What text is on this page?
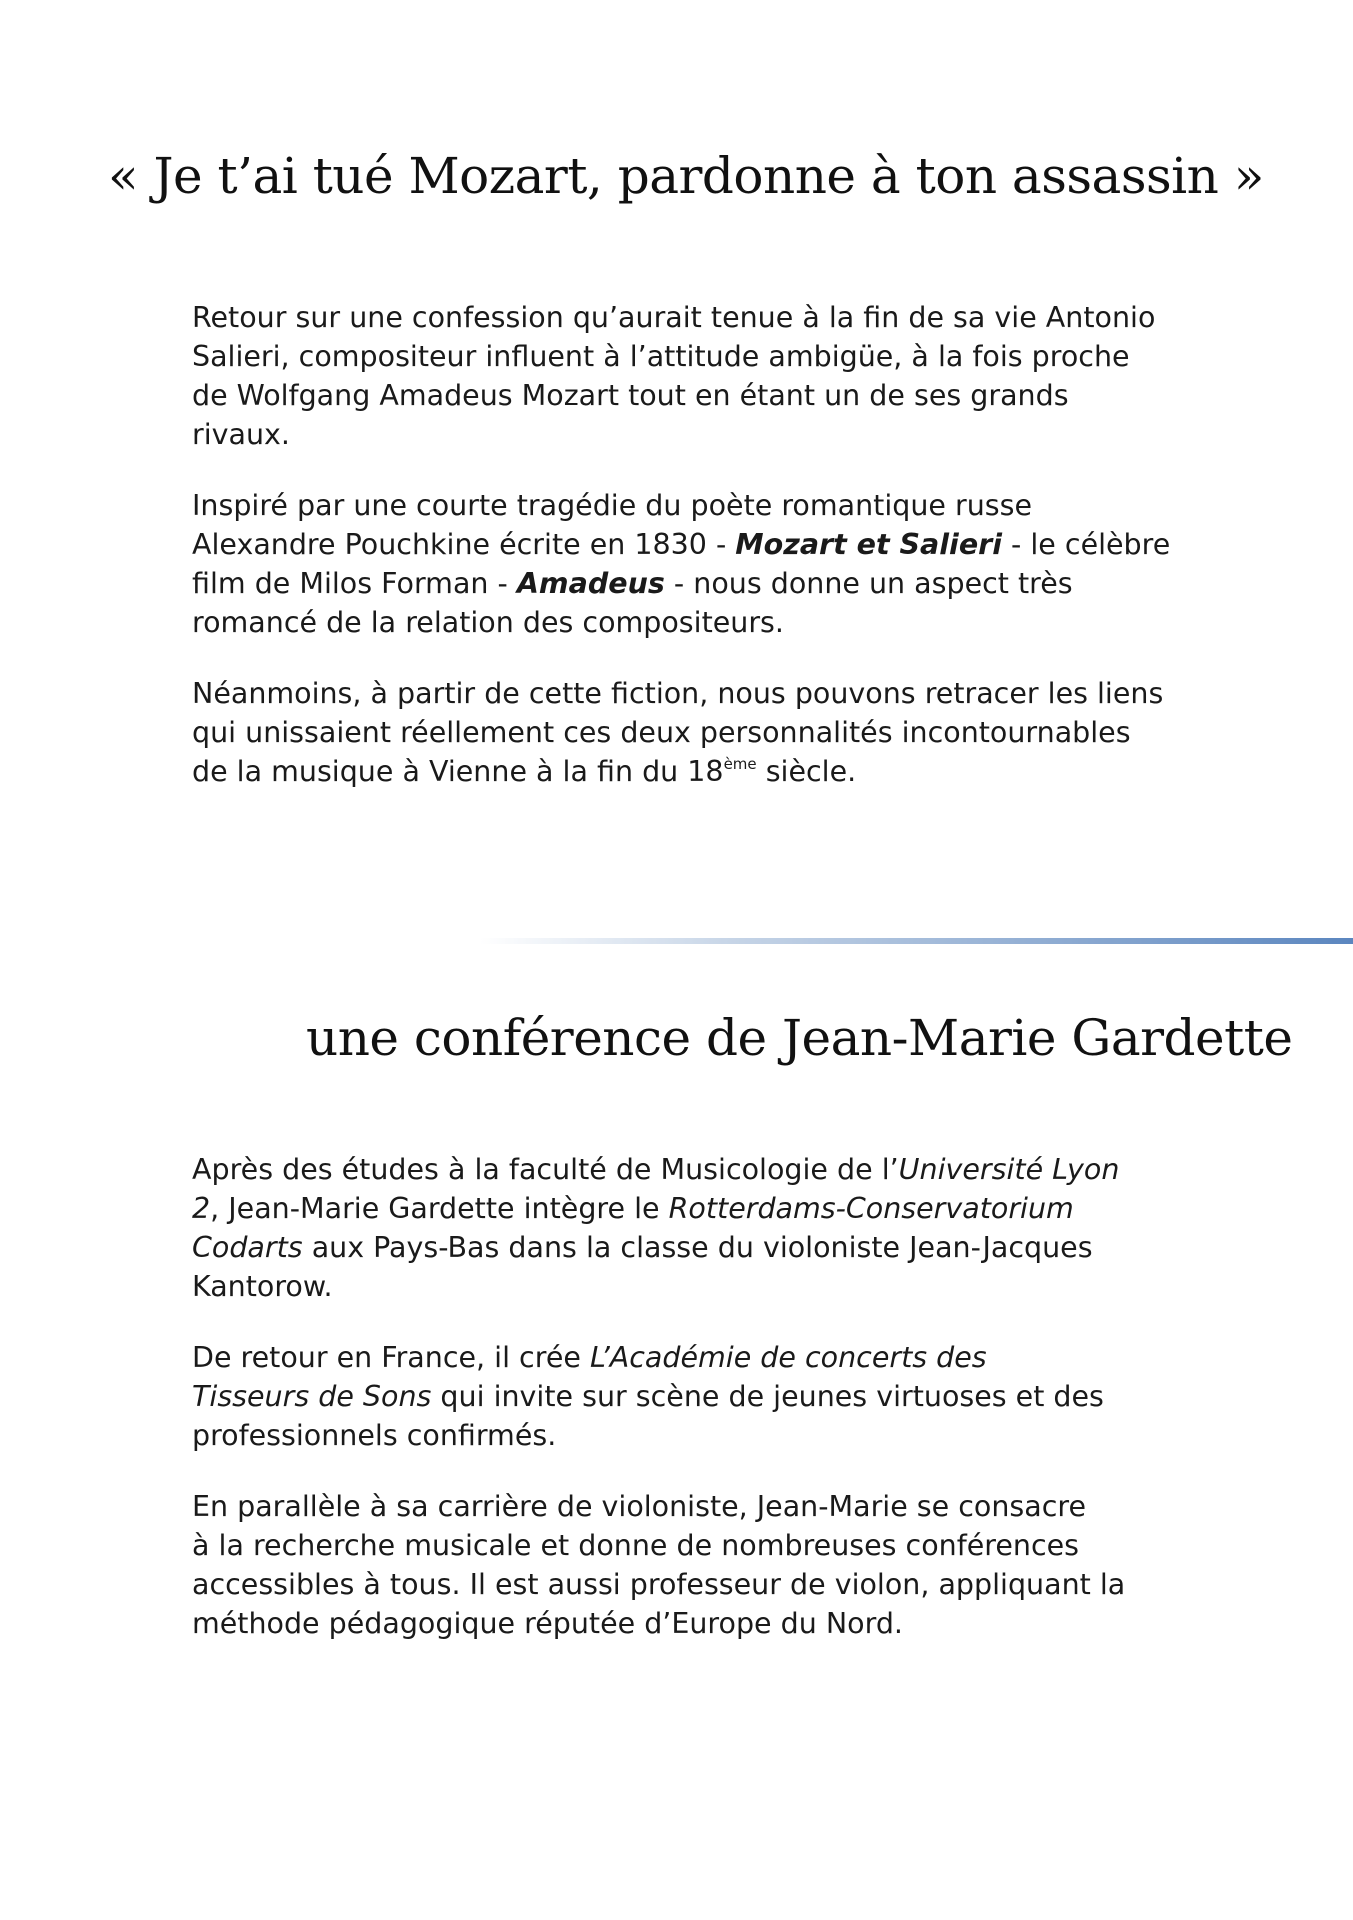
« Je t’ai tué Mozart, pardonne à ton assassin »

Retour sur une confession qu’aurait tenue à la fin de sa vie Antonio
Salieri, compositeur influent à l’attitude ambigüe, à la fois proche
de Wolfgang Amadeus Mozart tout en étant un de ses grands
rivaux.

Inspiré par une courte tragédie du poète romantique russe
Alexandre Pouchkine écrite en 1830 - Mozart et Salieri - le célèbre
film de Milos Forman - Amadeus - nous donne un aspect très
romancé de la relation des compositeurs.

Néanmoins, à partir de cette fiction, nous pouvons retracer les liens
qui unissaient réellement ces deux personnalités incontournables
de la musique à Vienne à la fin du 18ème siècle.

une conférence de Jean-Marie Gardette

Après des études à la faculté de Musicologie de l’Université Lyon
2, Jean-Marie Gardette intègre le Rotterdams-Conservatorium
Codarts aux Pays-Bas dans la classe du violoniste Jean-Jacques
Kantorow.

De retour en France, il crée L’Académie de concerts des
Tisseurs de Sons qui invite sur scène de jeunes virtuoses et des
professionnels confirmés.

En parallèle à sa carrière de violoniste, Jean-Marie se consacre
à la recherche musicale et donne de nombreuses conférences
accessibles à tous. Il est aussi professeur de violon, appliquant la
méthode pédagogique réputée d’Europe du Nord.
